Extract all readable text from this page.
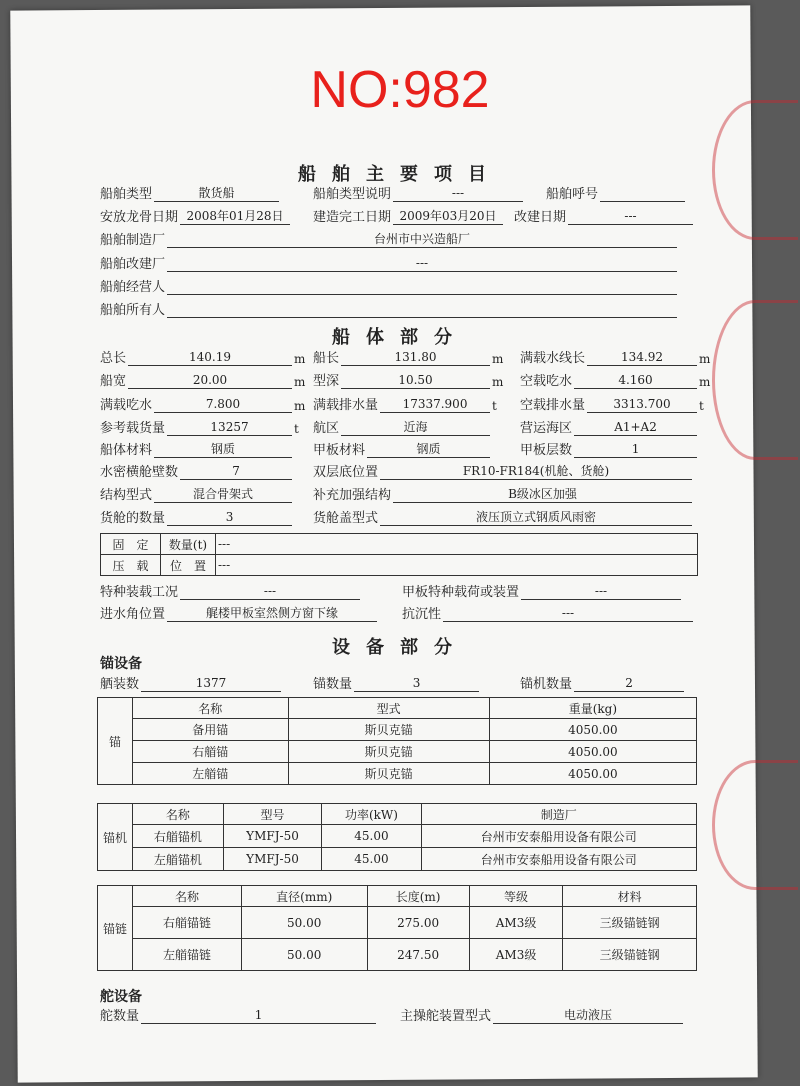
NO:982
船舶主要项目
船舶类型	散货船	船舶类型说明	---	船舶呼号
安放龙骨日期 2008年01月28日	建造完工日期 2009年03月20日	改建日期	---
船舶制造厂	台州市中兴造船厂
船舶改建厂	---
船舶经营人
船舶所有人
船体部分
总长	140.19	m 船长	131.80	m 满载水线长	134.92	m
船宽	20.00	m 型深	10.50	m 空载吃水	4.160	m
满载吃水	7.800	m 满载排水量	17337.900	t 空载排水量	3313.700	t
参考载货量	13257	t 航区	近海	营运海区	A1+A2
船体材料	钢质	甲板材料	钢质	甲板层数	1
水密横舱壁数	7	双层底位置	FR10-FR184(机舱、货舱)
结构型式	混合骨架式	补充加强结构	B级冰区加强
货舱的数量	3	货舱盖型式	液压顶立式钢质风雨密
固　定	数量(t)	---
压　载	位　置	---
特种装载工况	---	甲板特种载荷或装置	---
进水角位置	艉楼甲板室然侧方窗下缘	抗沉性	---
设备部分
锚设备
舾装数	1377	锚数量	3	锚机数量	2
锚	名称	型式	重量(kg)
	备用锚	斯贝克锚	4050.00
	右艏锚	斯贝克锚	4050.00
	左艏锚	斯贝克锚	4050.00
锚机	名称	型号	功率(kW)	制造厂
	右艏锚机	YMFJ-50	45.00	台州市安泰船用设备有限公司
	左艏锚机	YMFJ-50	45.00	台州市安泰船用设备有限公司
锚链	名称	直径(mm)	长度(m)	等级	材料
	右艏锚链	50.00	275.00	AM3级	三级锚链钢
	左艏锚链	50.00	247.50	AM3级	三级锚链钢
舵设备
舵数量	1	主操舵装置型式	电动液压
